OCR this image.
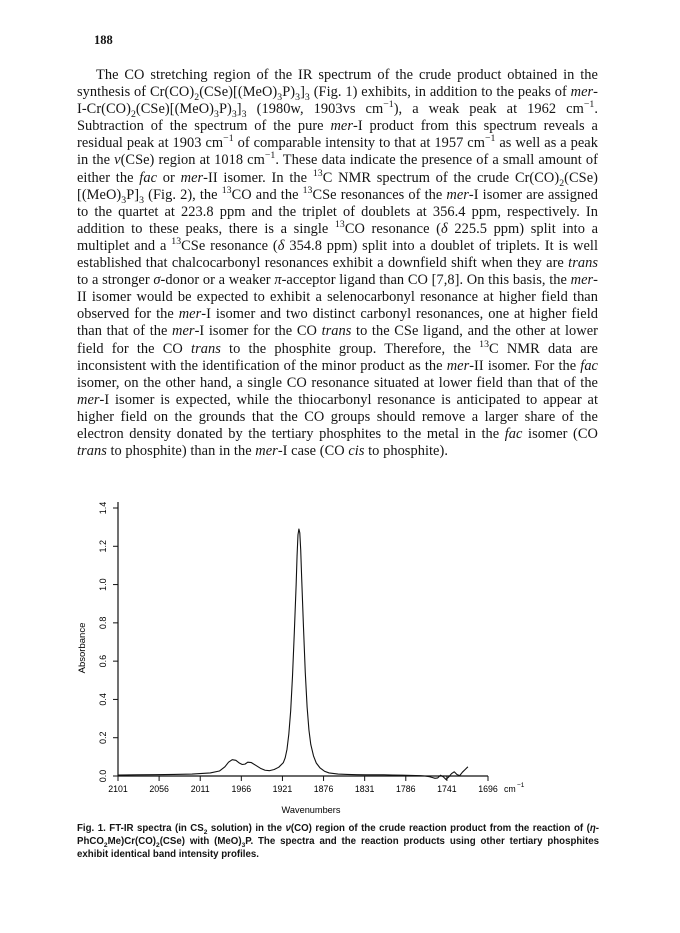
188

The CO stretching region of the IR spectrum of the crude product obtained in the synthesis of $Cr(CO)_2(CSe)[(MeO)_3P)_3]_3$ (Fig. 1) exhibits, in addition to the peaks of mer-$I-Cr(CO)_2(CSe)[(MeO)_3P)_3]_3$ (1980w, 1903vs $cm^{-1}$), a weak peak at 1962 $cm^{-1}$. Subtraction of the spectrum of the pure mer-I product from this spectrum reveals a residual peak at 1903 $cm^{-1}$ of comparable intensity to that at 1957 $cm^{-1}$ as well as a peak in the ν(CSe) region at 1018 $cm^{-1}$. These data indicate the presence of a small amount of either the fac or mer-II isomer. In the $^{13}$C NMR spectrum of the crude $Cr(CO)_2(CSe)[(MeO)_3P]_3$ (Fig. 2), the $^{13}$CO and the $^{13}$CSe resonances of the mer-I isomer are assigned to the quartet at 223.8 ppm and the triplet of doublets at 356.4 ppm, respectively. In addition to these peaks, there is a single $^{13}$CO resonance (δ 225.5 ppm) split into a multiplet and a $^{13}$CSe resonance (δ 354.8 ppm) split into a doublet of triplets. It is well established that chalcocarbonyl resonances exhibit a downfield shift when they are trans to a stronger σ-donor or a weaker π-acceptor ligand than CO [7,8]. On this basis, the mer-II isomer would be expected to exhibit a selenocarbonyl resonance at higher field than observed for the mer-I isomer and two distinct carbonyl resonances, one at higher field than that of the mer-I isomer for the CO trans to the CSe ligand, and the other at lower field for the CO trans to the phosphite group. Therefore, the $^{13}$C NMR data are inconsistent with the identification of the minor product as the mer-II isomer. For the fac isomer, on the other hand, a single CO resonance situated at lower field than that of the mer-I isomer is expected, while the thiocarbonyl resonance is anticipated to appear at higher field on the grounds that the CO groups should remove a larger share of the electron density donated by the tertiary phosphites to the metal in the fac isomer (CO trans to phosphite) than in the mer-I case (CO cis to phosphite).

0.0
0.2
0.4
0.6
0.8
1.0
1.2
1.4
Absorbance
2101 2056 2011 1966 1921 1876 1831 1786 1741 1696 cm −1
Wavenumbers

Fig. 1. FT-IR spectra (in $CS_2$ solution) in the ν(CO) region of the crude reaction product from the reaction of $(\eta-PhCO_2Me)Cr(CO)_2(CSe)$ with $(MeO)_3P$. The spectra and the reaction products using other tertiary phosphites exhibit identical band intensity profiles.
